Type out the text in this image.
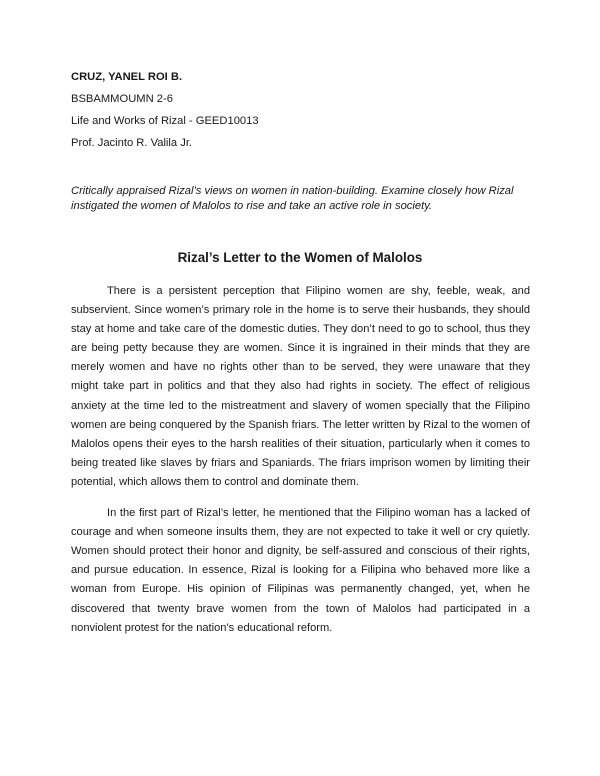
CRUZ, YANEL ROI B.
BSBAMMOUMN 2-6
Life and Works of Rizal - GEED10013
Prof. Jacinto R. Valila Jr.
Critically appraised Rizal’s views on women in nation-building. Examine closely how Rizal instigated the women of Malolos to rise and take an active role in society.
Rizal’s Letter to the Women of Malolos

There is a persistent perception that Filipino women are shy, feeble, weak, and subservient. Since women’s primary role in the home is to serve their husbands, they should stay at home and take care of the domestic duties. They don’t need to go to school, thus they are being petty because they are women. Since it is ingrained in their minds that they are merely women and have no rights other than to be served, they were unaware that they might take part in politics and that they also had rights in society. The effect of religious anxiety at the time led to the mistreatment and slavery of women specially that the Filipino women are being conquered by the Spanish friars. The letter written by Rizal to the women of Malolos opens their eyes to the harsh realities of their situation, particularly when it comes to being treated like slaves by friars and Spaniards. The friars imprison women by limiting their potential, which allows them to control and dominate them.

In the first part of Rizal’s letter, he mentioned that the Filipino woman has a lacked of courage and when someone insults them, they are not expected to take it well or cry quietly. Women should protect their honor and dignity, be self-assured and conscious of their rights, and pursue education. In essence, Rizal is looking for a Filipina who behaved more like a woman from Europe. His opinion of Filipinas was permanently changed, yet, when he discovered that twenty brave women from the town of Malolos had participated in a nonviolent protest for the nation’s educational reform.
